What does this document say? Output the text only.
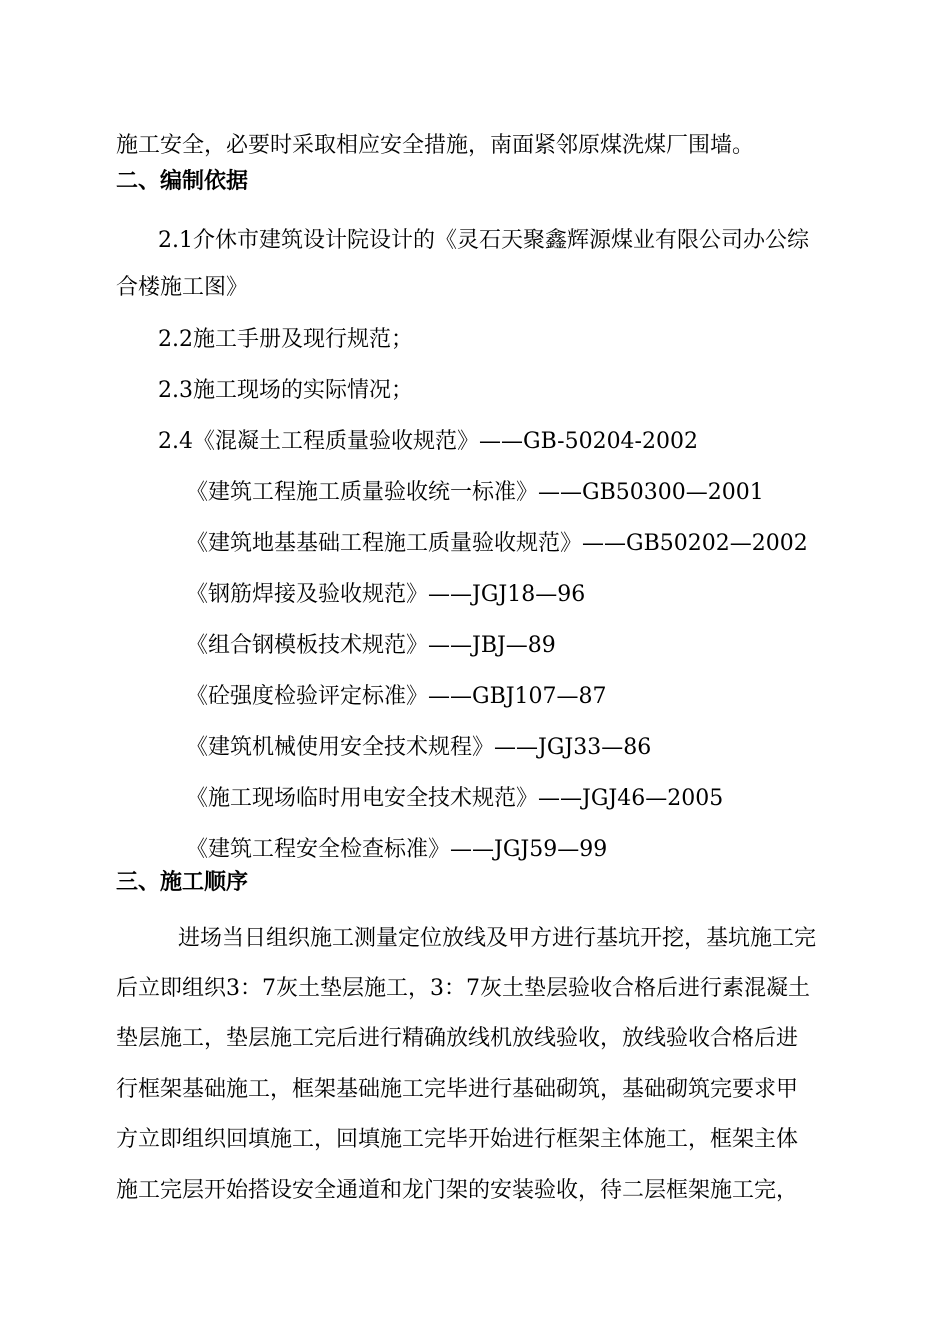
施工安全，必要时采取相应安全措施，南面紧邻原煤洗煤厂围墙。
二、编制依据
2.1介休市建筑设计院设计的《灵石天聚鑫辉源煤业有限公司办公综
合楼施工图》
2.2施工手册及现行规范；
2.3施工现场的实际情况；
2.4《混凝土工程质量验收规范》——GB-50204-2002
《建筑工程施工质量验收统一标准》——GB50300—2001
《建筑地基基础工程施工质量验收规范》——GB50202—2002
《钢筋焊接及验收规范》——JGJ18—96
《组合钢模板技术规范》——JBJ—89
《砼强度检验评定标准》——GBJ107—87
《建筑机械使用安全技术规程》——JGJ33—86
《施工现场临时用电安全技术规范》——JGJ46—2005
《建筑工程安全检查标准》——JGJ59—99
三、施工顺序
进场当日组织施工测量定位放线及甲方进行基坑开挖，基坑施工完
后立即组织3：7灰土垫层施工，3：7灰土垫层验收合格后进行素混凝土
垫层施工，垫层施工完后进行精确放线机放线验收，放线验收合格后进
行框架基础施工，框架基础施工完毕进行基础砌筑，基础砌筑完要求甲
方立即组织回填施工，回填施工完毕开始进行框架主体施工，框架主体
施工完层开始搭设安全通道和龙门架的安装验收，待二层框架施工完，
